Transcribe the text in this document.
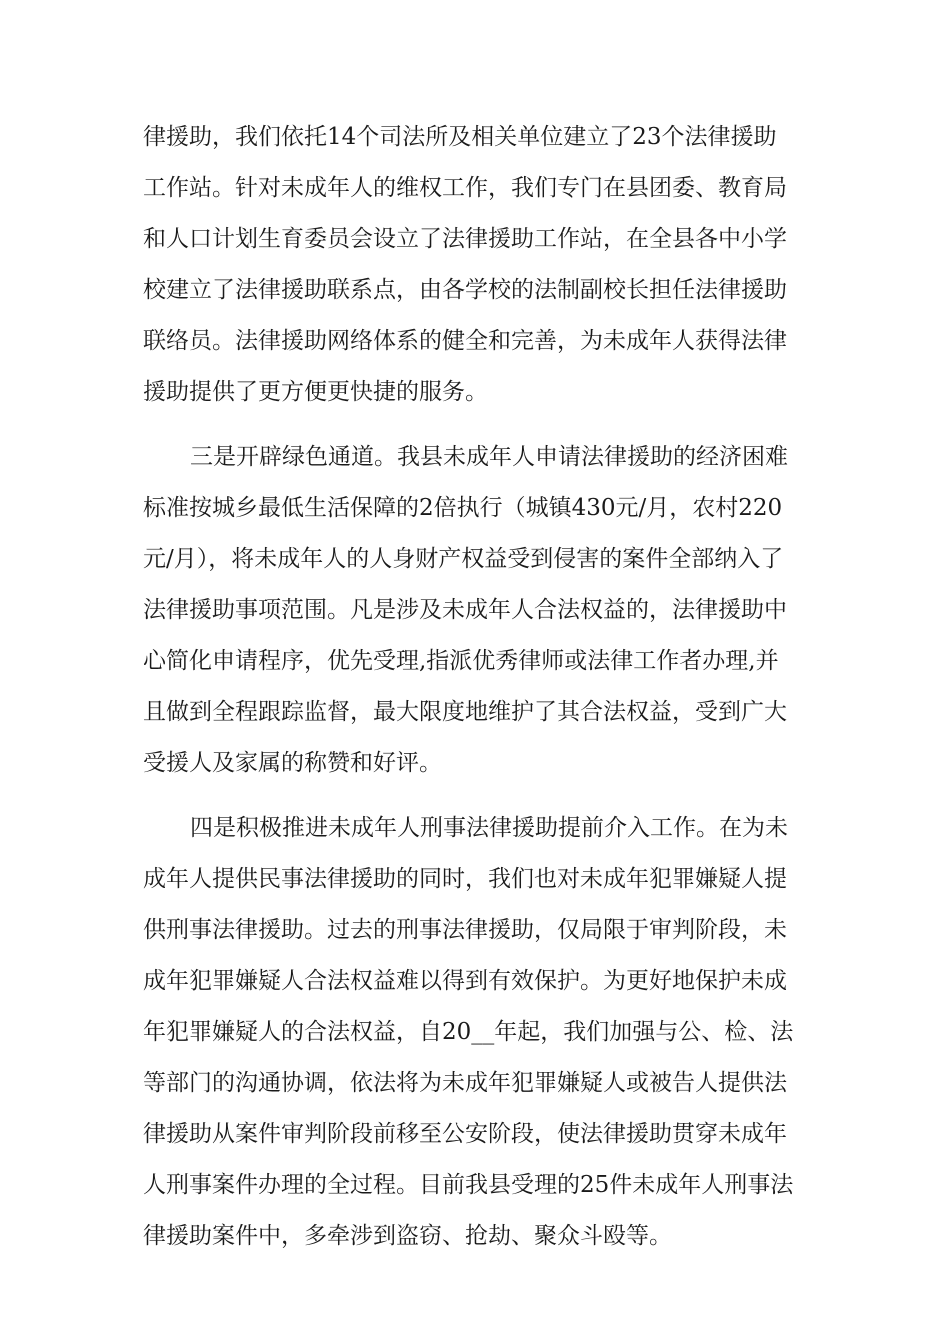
律援助，我们依托14个司法所及相关单位建立了23个法律援助
工作站。针对未成年人的维权工作，我们专门在县团委、教育局
和人口计划生育委员会设立了法律援助工作站，在全县各中小学
校建立了法律援助联系点，由各学校的法制副校长担任法律援助
联络员。法律援助网络体系的健全和完善，为未成年人获得法律
援助提供了更方便更快捷的服务。
三是开辟绿色通道。我县未成年人申请法律援助的经济困难
标准按城乡最低生活保障的2倍执行（城镇430元/月，农村220
元/月），将未成年人的人身财产权益受到侵害的案件全部纳入了
法律援助事项范围。凡是涉及未成年人合法权益的，法律援助中
心简化申请程序，优先受理,指派优秀律师或法律工作者办理,并
且做到全程跟踪监督，最大限度地维护了其合法权益，受到广大
受援人及家属的称赞和好评。
四是积极推进未成年人刑事法律援助提前介入工作。在为未
成年人提供民事法律援助的同时，我们也对未成年犯罪嫌疑人提
供刑事法律援助。过去的刑事法律援助，仅局限于审判阶段，未
成年犯罪嫌疑人合法权益难以得到有效保护。为更好地保护未成
年犯罪嫌疑人的合法权益，自20__年起，我们加强与公、检、法
等部门的沟通协调，依法将为未成年犯罪嫌疑人或被告人提供法
律援助从案件审判阶段前移至公安阶段，使法律援助贯穿未成年
人刑事案件办理的全过程。目前我县受理的25件未成年人刑事法
律援助案件中，多牵涉到盗窃、抢劫、聚众斗殴等。
